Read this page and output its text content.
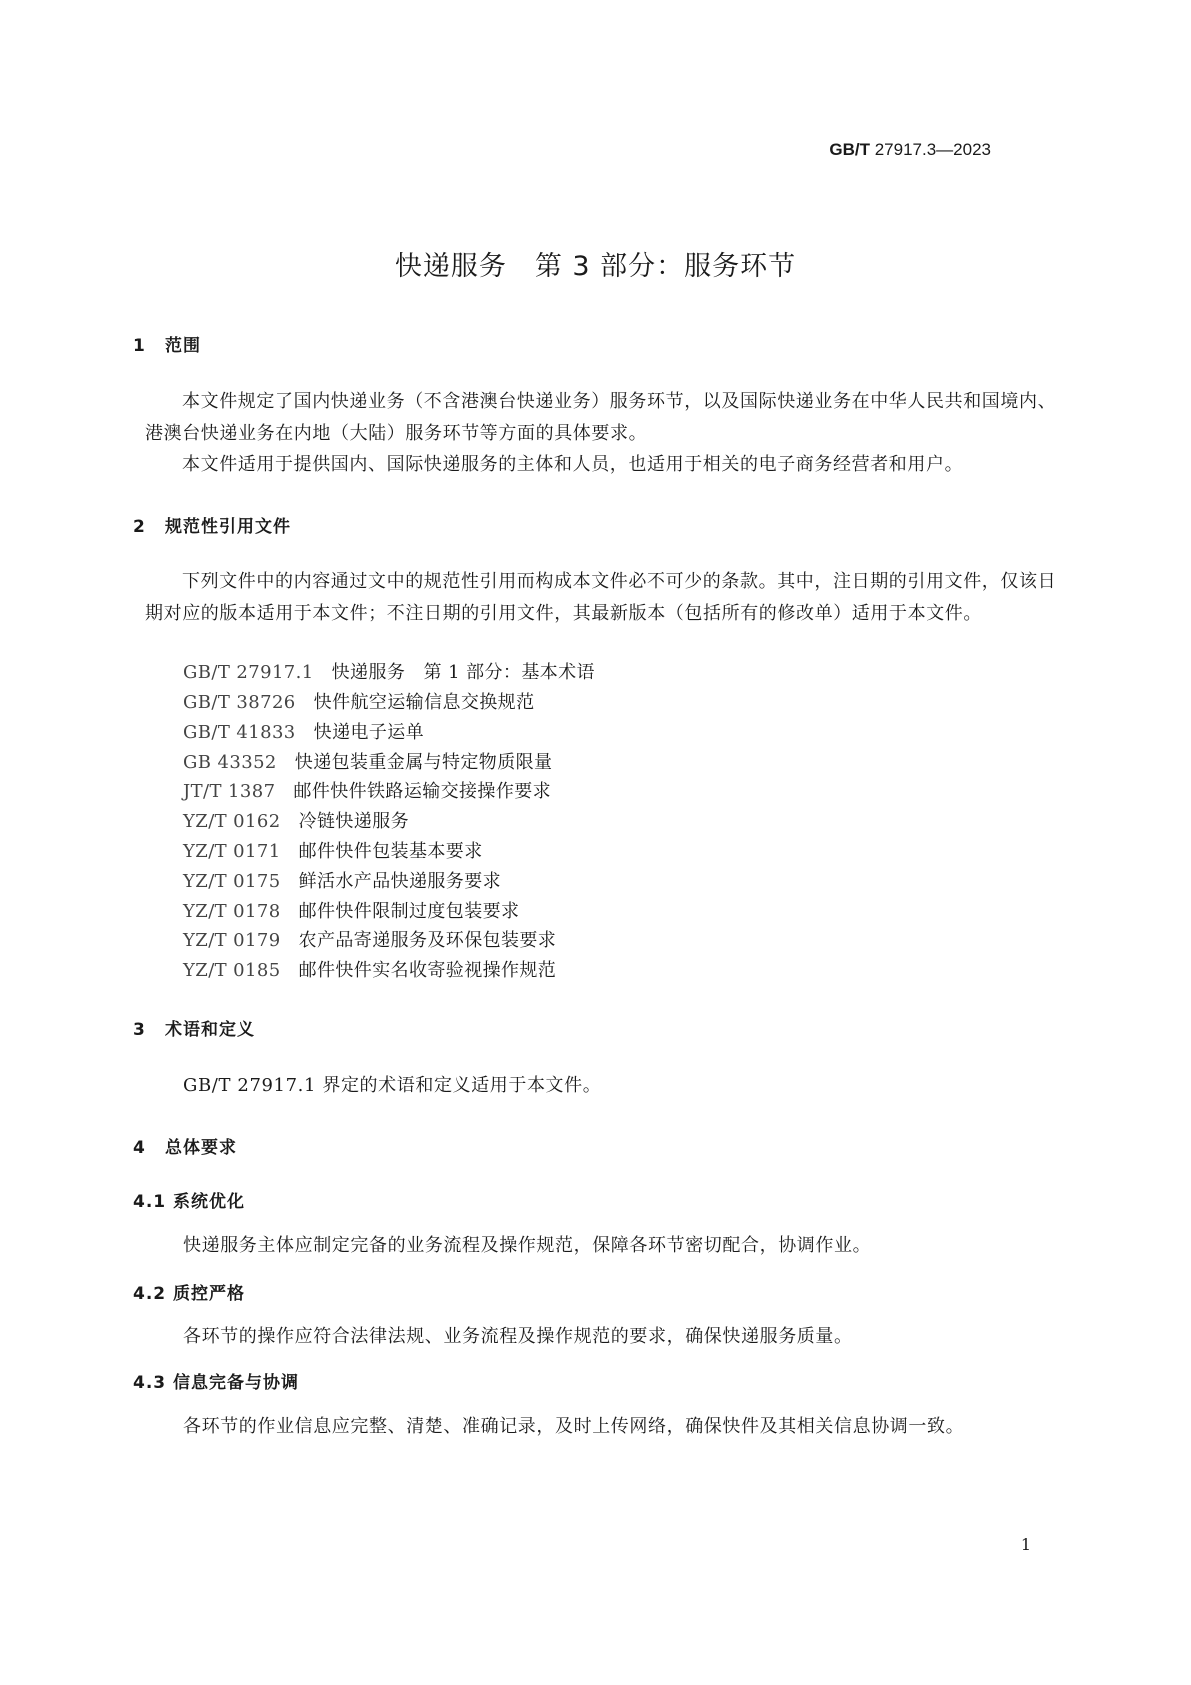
GB/T 27917.3—2023
快递服务　第 3 部分：服务环节
1 范围
本文件规定了国内快递业务（不含港澳台快递业务）服务环节，以及国际快递业务在中华人民共和国境内、港澳台快递业务在内地（大陆）服务环节等方面的具体要求。
本文件适用于提供国内、国际快递服务的主体和人员，也适用于相关的电子商务经营者和用户。
2 规范性引用文件
下列文件中的内容通过文中的规范性引用而构成本文件必不可少的条款。其中，注日期的引用文件，仅该日期对应的版本适用于本文件；不注日期的引用文件，其最新版本（包括所有的修改单）适用于本文件。
GB/T 27917.1 快递服务　第 1 部分：基本术语
GB/T 38726 快件航空运输信息交换规范
GB/T 41833 快递电子运单
GB 43352 快递包装重金属与特定物质限量
JT/T 1387 邮件快件铁路运输交接操作要求
YZ/T 0162 冷链快递服务
YZ/T 0171 邮件快件包装基本要求
YZ/T 0175 鲜活水产品快递服务要求
YZ/T 0178 邮件快件限制过度包装要求
YZ/T 0179 农产品寄递服务及环保包装要求
YZ/T 0185 邮件快件实名收寄验视操作规范
3 术语和定义
GB/T 27917.1 界定的术语和定义适用于本文件。
4 总体要求
4.1 系统优化
快递服务主体应制定完备的业务流程及操作规范，保障各环节密切配合，协调作业。
4.2 质控严格
各环节的操作应符合法律法规、业务流程及操作规范的要求，确保快递服务质量。
4.3 信息完备与协调
各环节的作业信息应完整、清楚、准确记录，及时上传网络，确保快件及其相关信息协调一致。
1
